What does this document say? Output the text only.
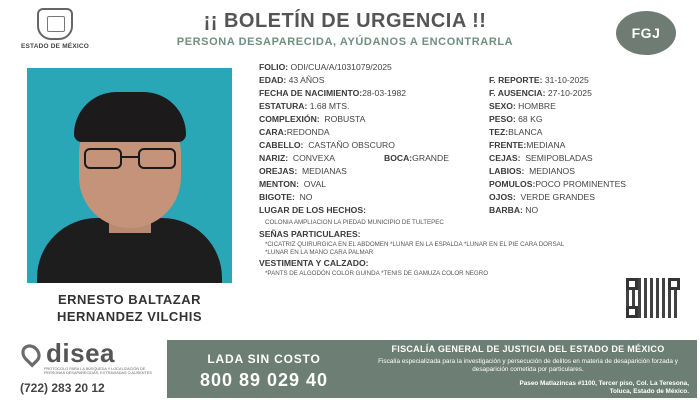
ESTADO DE MÉXICO
¡¡ BOLETÍN DE URGENCIA !!
PERSONA DESAPARECIDA, AYÚDANOS A ENCONTRARLA
FGJ
ERNESTO BALTAZAR
HERNANDEZ VILCHIS
FOLIO: ODI/CUA/A/1031079/2025
EDAD: 43 AÑOS	F. REPORTE: 31-10-2025
FECHA DE NACIMIENTO:28-03-1982	F. AUSENCIA: 27-10-2025
ESTATURA: 1.68 MTS.	SEXO: HOMBRE
COMPLEXIÓN: ROBUSTA	PESO: 68 KG
CARA:REDONDA	TEZ:BLANCA
CABELLO: CASTAÑO OBSCURO	FRENTE:MEDIANA
NARIZ: CONVEXA	BOCA:GRANDE	CEJAS: SEMIPOBLADAS
OREJAS: MEDIANAS	LABIOS: MEDIANOS
MENTON: OVAL	POMULOS:POCO PROMINENTES
BIGOTE: NO	OJOS: VERDE GRANDES
LUGAR DE LOS HECHOS:	BARBA: NO
COLONIA AMPLIACION LA PIEDAD MUNICIPIO DE TULTEPEC
SEÑAS PARTICULARES:
*CICATRIZ QUIRURGICA EN EL ABDOMEN *LUNAR EN LA ESPALDA *LUNAR EN EL PIE CARA DORSAL
*LUNAR EN LA MANO CARA PALMAR
VESTIMENTA Y CALZADO:
*PANTS DE ALGODÓN COLOR GUINDA *TENIS DE GAMUZA COLOR NEGRO
disea
PROTOCOLO PARA LA BÚSQUEDA Y LOCALIZACIÓN DE PERSONAS DESAPARECIDAS, EXTRAVIADAS O AUSENTES
(722) 283 20 12
LADA SIN COSTO
800 89 029 40
FISCALÍA GENERAL DE JUSTICIA DEL ESTADO DE MÉXICO
Fiscalía especializada para la investigación y persecución de delitos en materia de desaparición forzada y desaparición cometida por particulares.
Paseo Matlazincas #1100, Tercer piso, Col. La Teresona,
Toluca, Estado de México.
